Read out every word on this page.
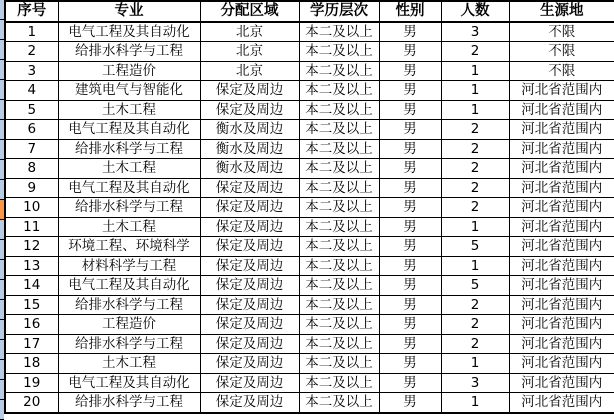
序号	专业	分配区域	学历层次	性别	人数	生源地
1	电气工程及其自动化	北京	本二及以上	男	3	不限
2	给排水科学与工程	北京	本二及以上	男	2	不限
3	工程造价	北京	本二及以上	男	1	不限
4	建筑电气与智能化	保定及周边	本二及以上	男	1	河北省范围内
5	土木工程	保定及周边	本二及以上	男	1	河北省范围内
6	电气工程及其自动化	衡水及周边	本二及以上	男	2	河北省范围内
7	给排水科学与工程	衡水及周边	本二及以上	男	2	河北省范围内
8	土木工程	衡水及周边	本二及以上	男	2	河北省范围内
9	电气工程及其自动化	保定及周边	本二及以上	男	2	河北省范围内
10	给排水科学与工程	保定及周边	本二及以上	男	2	河北省范围内
11	土木工程	保定及周边	本二及以上	男	1	河北省范围内
12	环境工程、环境科学	保定及周边	本二及以上	男	5	河北省范围内
13	材料科学与工程	保定及周边	本二及以上	男	1	河北省范围内
14	电气工程及其自动化	保定及周边	本二及以上	男	5	河北省范围内
15	给排水科学与工程	保定及周边	本二及以上	男	2	河北省范围内
16	工程造价	保定及周边	本二及以上	男	2	河北省范围内
17	给排水科学与工程	保定及周边	本二及以上	男	2	河北省范围内
18	土木工程	保定及周边	本二及以上	男	1	河北省范围内
19	电气工程及其自动化	保定及周边	本二及以上	男	3	河北省范围内
20	给排水科学与工程	保定及周边	本二及以上	男	1	河北省范围内
